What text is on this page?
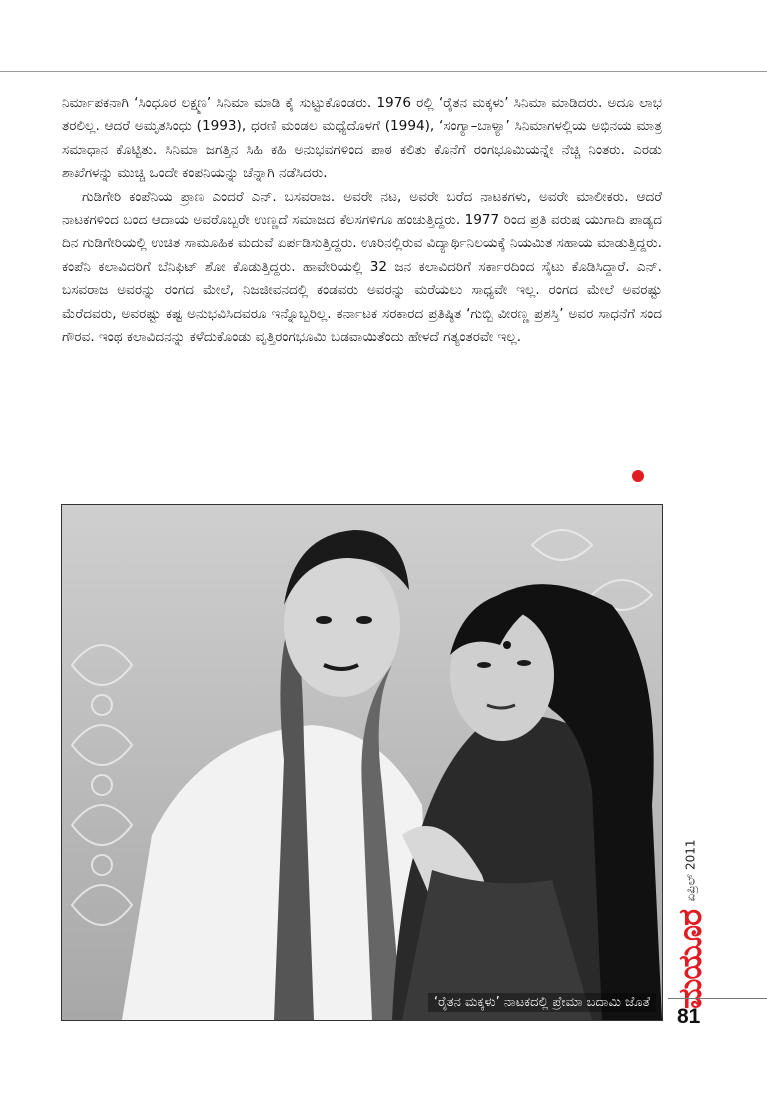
ನಿರ್ಮಾಪಕನಾಗಿ ‘ಸಿಂಧೂರ ಲಕ್ಷ್ಮಣ’ ಸಿನಿಮಾ ಮಾಡಿ ಕೈ ಸುಟ್ಟುಕೊಂಡರು. 1976 ರಲ್ಲಿ ‘ರೈತನ ಮಕ್ಕಳು’ ಸಿನಿಮಾ ಮಾಡಿದರು. ಅದೂ ಲಾಭ ತರಲಿಲ್ಲ. ಆದರೆ ಅಮೃತಸಿಂಧು (1993), ಧರಣಿ ಮಂಡಲ ಮಧ್ಯೆದೊಳಗೆ (1994), ‘ಸಂಗ್ಯಾ–ಬಾಳ್ಯಾ’ ಸಿನಿಮಾಗಳಲ್ಲಿಯ ಅಭಿನಯ ಮಾತ್ರ ಸಮಾಧಾನ ಕೊಟ್ಟಿತು. ಸಿನಿಮಾ ಜಗತ್ತಿನ ಸಿಹಿ ಕಹಿ ಅನುಭವಗಳಿಂದ ಪಾಠ ಕಲಿತು ಕೊನೆಗೆ ರಂಗಭೂಮಿಯನ್ನೇ ನೆಚ್ಚಿ ನಿಂತರು. ಎರಡು ಶಾಖೆಗಳನ್ನು ಮುಚ್ಚಿ ಒಂದೇ ಕಂಪನಿಯನ್ನು ಚೆನ್ನಾಗಿ ನಡೆಸಿದರು.

ಗುಡಿಗೇರಿ ಕಂಪೆನಿಯ ಪ್ರಾಣ ಎಂದರೆ ಎನ್. ಬಸವರಾಜ. ಅವರೇ ನಟ, ಅವರೇ ಬರೆದ ನಾಟಕಗಳು, ಅವರೇ ಮಾಲೀಕರು. ಆದರೆ ನಾಟಕಗಳಿಂದ ಬಂದ ಆದಾಯ ಅವರೊಬ್ಬರೇ ಉಣ್ಣದೆ ಸಮಾಜದ ಕೆಲಸಗಳಿಗೂ ಹಂಚುತ್ತಿದ್ದರು. 1977 ರಿಂದ ಪ್ರತಿ ವರುಷ ಯುಗಾದಿ ಪಾಡ್ಯದ ದಿನ ಗುಡಿಗೇರಿಯಲ್ಲಿ ಉಚಿತ ಸಾಮೂಹಿಕ ಮದುವೆ ಏರ್ಪಡಿಸುತ್ತಿದ್ದರು. ಊರಿನಲ್ಲಿರುವ ವಿದ್ಯಾರ್ಥಿನಿಲಯಕ್ಕೆ ನಿಯಮಿತ ಸಹಾಯ ಮಾಡುತ್ತಿದ್ದರು. ಕಂಪೆನಿ ಕಲಾವಿದರಿಗೆ ಬೆನಿಫಿಟ್ ಶೋ ಕೊಡುತ್ತಿದ್ದರು. ಹಾವೇರಿಯಲ್ಲಿ 32 ಜನ ಕಲಾವಿದರಿಗೆ ಸರ್ಕಾರದಿಂದ ಸೈಟು ಕೊಡಿಸಿದ್ದಾರೆ. ಎನ್. ಬಸವರಾಜ ಅವರನ್ನು ರಂಗದ ಮೇಲೆ, ನಿಜಜೀವನದಲ್ಲಿ ಕಂಡವರು ಅವರನ್ನು ಮರೆಯಲು ಸಾಧ್ಯವೇ ಇಲ್ಲ. ರಂಗದ ಮೇಲೆ ಅವರಷ್ಟು ಮೆರೆದವರು, ಅವರಷ್ಟು ಕಷ್ಟ ಅನುಭವಿಸಿದವರೂ ಇನ್ನೊಬ್ಬರಿಲ್ಲ. ಕರ್ನಾಟಕ ಸರಕಾರದ ಪ್ರತಿಷ್ಠಿತ ‘ಗುಬ್ಬಿ ವೀರಣ್ಣ ಪ್ರಶಸ್ತಿ’ ಅವರ ಸಾಧನೆಗೆ ಸಂದ ಗೌರವ. ಇಂಥ ಕಲಾವಿದನನ್ನು ಕಳೆದುಕೊಂಡು ವೃತ್ತಿರಂಗಭೂಮಿ ಬಡವಾಯಿತೆಂದು ಹೇಳದೆ ಗತ್ಯಂತರವೇ ಇಲ್ಲ.

‘ರೈತನ ಮಕ್ಕಳು’ ನಾಟಕದಲ್ಲಿ ಪ್ರೇಮಾ ಬದಾಮಿ ಜೊತೆ
ಏಪ್ರಿಲ್ 2011
ಮಯೂರ
81
